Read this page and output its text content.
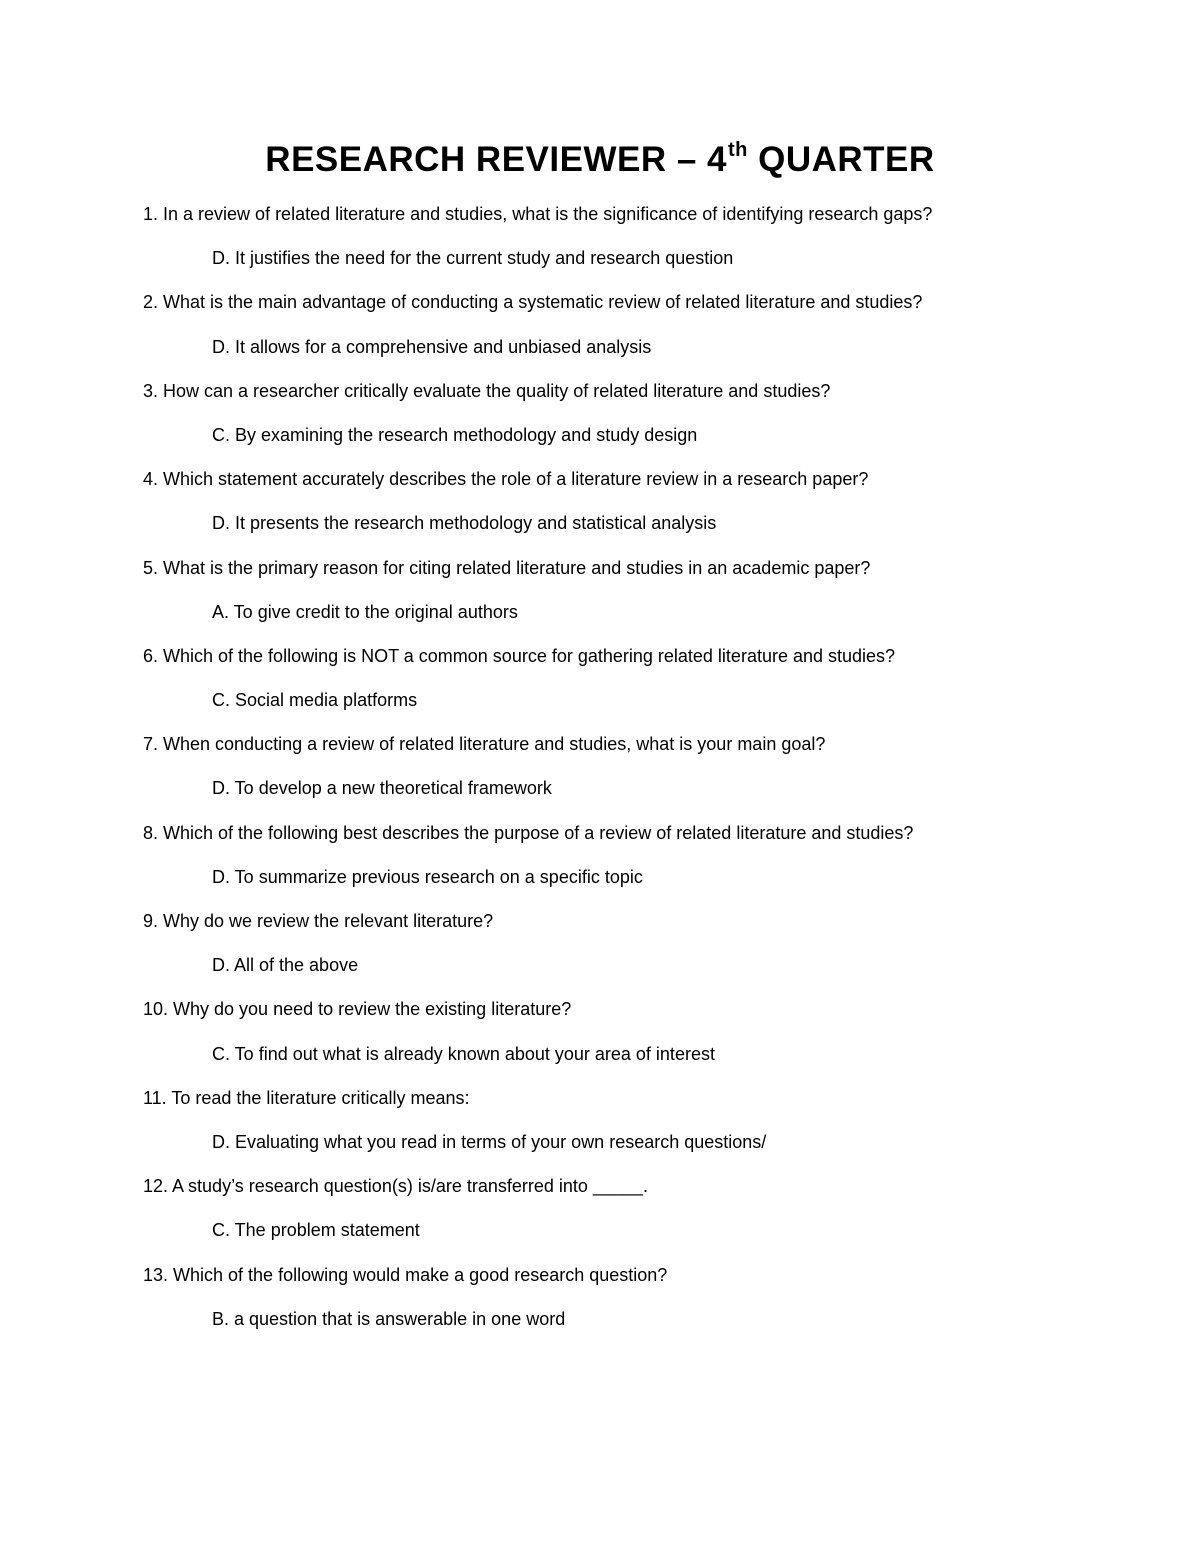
RESEARCH REVIEWER – 4th QUARTER

1. In a review of related literature and studies, what is the significance of identifying research gaps?

D. It justifies the need for the current study and research question

2. What is the main advantage of conducting a systematic review of related literature and studies?

D. It allows for a comprehensive and unbiased analysis

3. How can a researcher critically evaluate the quality of related literature and studies?

C. By examining the research methodology and study design

4. Which statement accurately describes the role of a literature review in a research paper?

D. It presents the research methodology and statistical analysis

5. What is the primary reason for citing related literature and studies in an academic paper?

A. To give credit to the original authors

6. Which of the following is NOT a common source for gathering related literature and studies?

C. Social media platforms

7. When conducting a review of related literature and studies, what is your main goal?

D. To develop a new theoretical framework

8. Which of the following best describes the purpose of a review of related literature and studies?

D. To summarize previous research on a specific topic

9. Why do we review the relevant literature?

D. All of the above

10. Why do you need to review the existing literature?

C. To find out what is already known about your area of interest

11. To read the literature critically means:

D. Evaluating what you read in terms of your own research questions/

12. A study’s research question(s) is/are transferred into _____.

C. The problem statement

13. Which of the following would make a good research question?

B. a question that is answerable in one word
